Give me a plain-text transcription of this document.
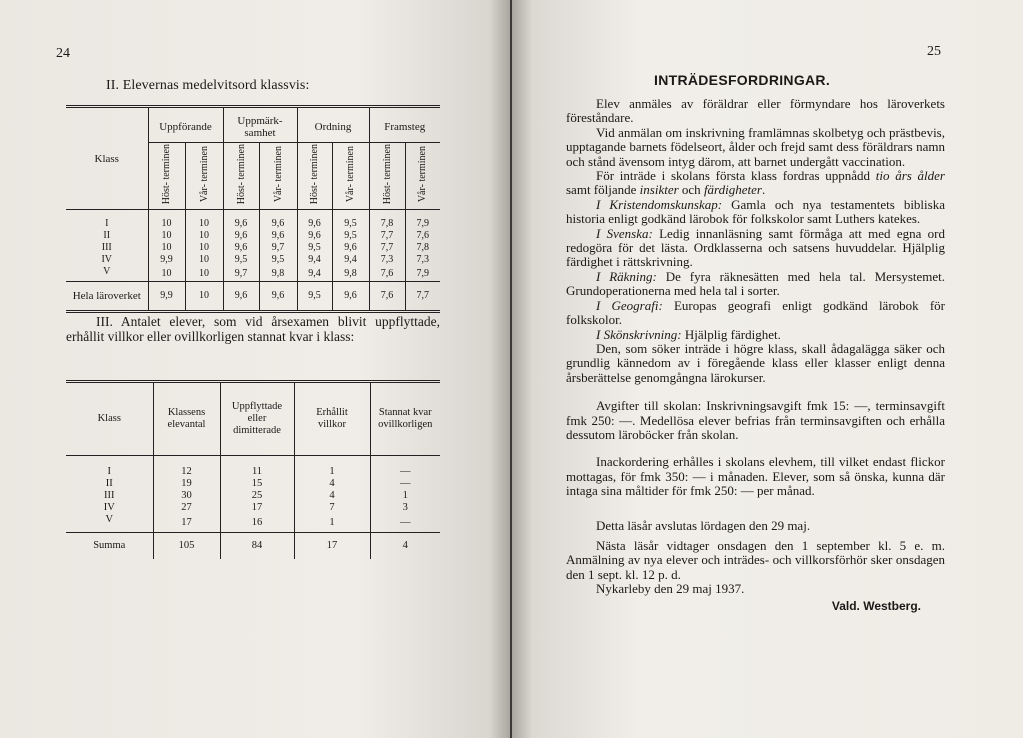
24
II. Elevernas medelvitsord klassvis:
Klass	Uppförande		Uppmärk- samhet		Ordning		Framsteg	
	Höst- terminen	Vår- terminen	Höst- terminen	Vår- terminen	Höst- terminen	Vår- terminen	Höst- terminen	Vår- terminen
I	10	10	9,6	9,6	9,6	9,5	7,8	7,9
II	10	10	9,6	9,6	9,6	9,5	7,7	7,6
III	10	10	9,6	9,7	9,5	9,6	7,7	7,8
IV	9,9	10	9,5	9,5	9,4	9,4	7,3	7,3
V	10	10	9,7	9,8	9,4	9,8	7,6	7,9
Hela läroverket	9,9	10	9,6	9,6	9,5	9,6	7,6	7,7

III. Antalet elever, som vid årsexamen blivit uppflyttade, erhållit villkor eller ovillkorligen stannat kvar i klass:

Klass	Klassens elevantal	Uppflyttade eller dimitterade	Erhållit villkor	Stannat kvar ovillkorligen
I	12	11	1	—
II	19	15	4	—
III	30	25	4	1
IV	27	17	7	3
V	17	16	1	—
Summa	105	84	17	4
25
INTRÄDESFORDRINGAR.

Elev anmäles av föräldrar eller förmyndare hos läroverkets föreståndare.

Vid anmälan om inskrivning framlämnas skolbetyg och prästbevis, upptagande barnets födelseort, ålder och frejd samt dess föräldrars namn och stånd ävensom intyg därom, att barnet undergått vaccination.

För inträde i skolans första klass fordras uppnådd tio års ålder samt följande insikter och färdigheter.

I Kristendomskunskap: Gamla och nya testamentets bibliska historia enligt godkänd lärobok för folkskolor samt Luthers katekes.

I Svenska: Ledig innanläsning samt förmåga att med egna ord redogöra för det lästa. Ordklasserna och satsens huvuddelar. Hjälplig färdighet i rättskrivning.

I Räkning: De fyra räknesätten med hela tal. Mersystemet. Grundoperationerna med hela tal i sorter.

I Geografi: Europas geografi enligt godkänd lärobok för folkskolor.

I Skönskrivning: Hjälplig färdighet.

Den, som söker inträde i högre klass, skall ådagalägga säker och grundlig kännedom av i föregående klass eller klasser enligt denna årsberättelse genomgångna lärokurser.

Avgifter till skolan: Inskrivningsavgift fmk 15: —, terminsavgift fmk 250: —. Medellösa elever befrias från terminsavgiften och erhålla dessutom läroböcker från skolan.

Inackordering erhålles i skolans elevhem, till vilket endast flickor mottagas, för fmk 350: — i månaden. Elever, som så önska, kunna där intaga sina måltider för fmk 250: — per månad.

Detta läsår avslutas lördagen den 29 maj.

Nästa läsår vidtager onsdagen den 1 september kl. 5 e. m. Anmälning av nya elever och inträdes- och villkorsförhör sker onsdagen den 1 sept. kl. 12 p. d.

Nykarleby den 29 maj 1937.

Vald. Westberg.
